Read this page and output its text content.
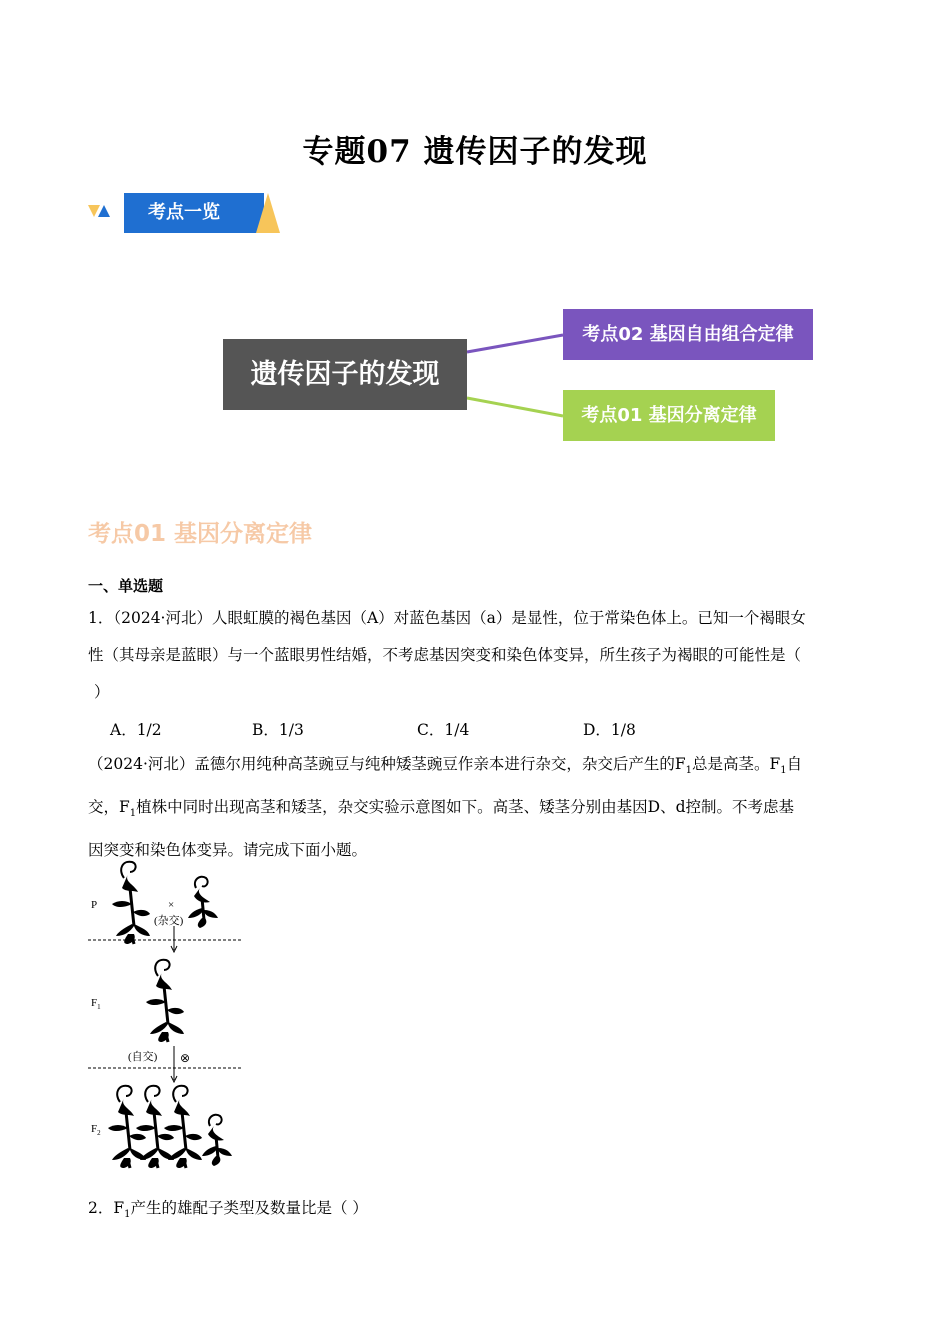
专题07 遗传因子的发现
考点一览
遗传因子的发现
考点02 基因自由组合定律
考点01 基因分离定律
考点01 基因分离定律
一、单选题
1．（2024·河北）人眼虹膜的褐色基因（A）对蓝色基因（a）是显性，位于常染色体上。已知一个褐眼女
性（其母亲是蓝眼）与一个蓝眼男性结婚，不考虑基因突变和染色体变异，所生孩子为褐眼的可能性是（
）
A．1/2	B．1/3	C．1/4	D．1/8
（2024·河北）孟德尔用纯种高茎豌豆与纯种矮茎豌豆作亲本进行杂交，杂交后产生的$F_1$总是高茎。$F_1$自
交，$F_1$植株中同时出现高茎和矮茎，杂交实验示意图如下。高茎、矮茎分别由基因D、d控制。不考虑基
因突变和染色体变异。请完成下面小题。
P	×
(杂交)
$F_1$
(自交) ⊗
$F_2$
2．$F_1$产生的雄配子类型及数量比是（ ）
